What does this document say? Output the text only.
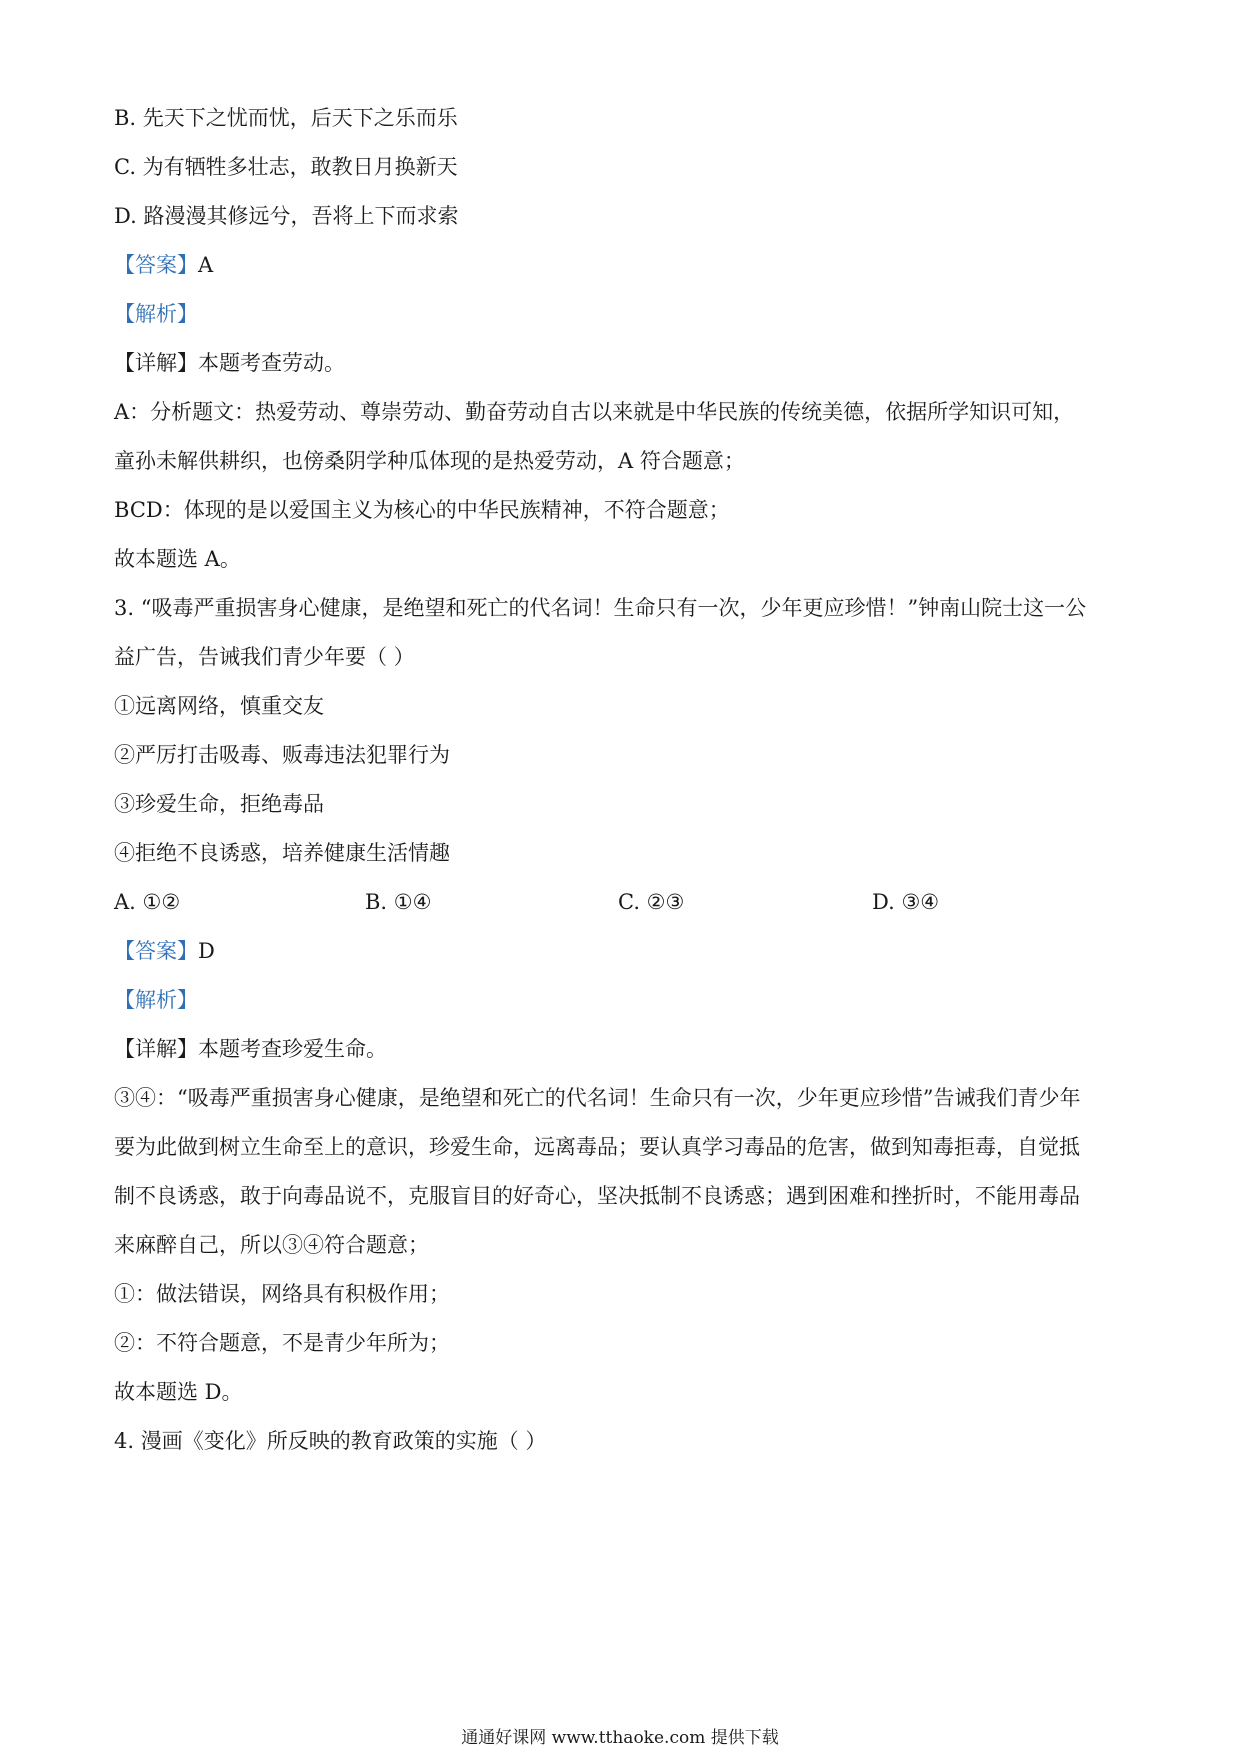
B. 先天下之忧而忧，后天下之乐而乐
C. 为有牺牲多壮志，敢教日月换新天
D. 路漫漫其修远兮，吾将上下而求索
【答案】A
【解析】
【详解】本题考查劳动。
A：分析题文：热爱劳动、尊崇劳动、勤奋劳动自古以来就是中华民族的传统美德，依据所学知识可知，
童孙未解供耕织，也傍桑阴学种瓜体现的是热爱劳动，A 符合题意；
BCD：体现的是以爱国主义为核心的中华民族精神，不符合题意；
故本题选 A。
3. “吸毒严重损害身心健康，是绝望和死亡的代名词！生命只有一次，少年更应珍惜！”钟南山院士这一公
益广告，告诫我们青少年要（ ）
①远离网络，慎重交友
②严厉打击吸毒、贩毒违法犯罪行为
③珍爱生命，拒绝毒品
④拒绝不良诱惑，培养健康生活情趣
A. ①②	B. ①④	C. ②③	D. ③④
【答案】D
【解析】
【详解】本题考查珍爱生命。
③④：“吸毒严重损害身心健康，是绝望和死亡的代名词！生命只有一次，少年更应珍惜”告诫我们青少年
要为此做到树立生命至上的意识，珍爱生命，远离毒品；要认真学习毒品的危害，做到知毒拒毒，自觉抵
制不良诱惑，敢于向毒品说不，克服盲目的好奇心，坚决抵制不良诱惑；遇到困难和挫折时，不能用毒品
来麻醉自己，所以③④符合题意；
①：做法错误，网络具有积极作用；
②：不符合题意，不是青少年所为；
故本题选 D。
4. 漫画《变化》所反映的教育政策的实施（ ）
通通好课网 www.tthaoke.com 提供下载
